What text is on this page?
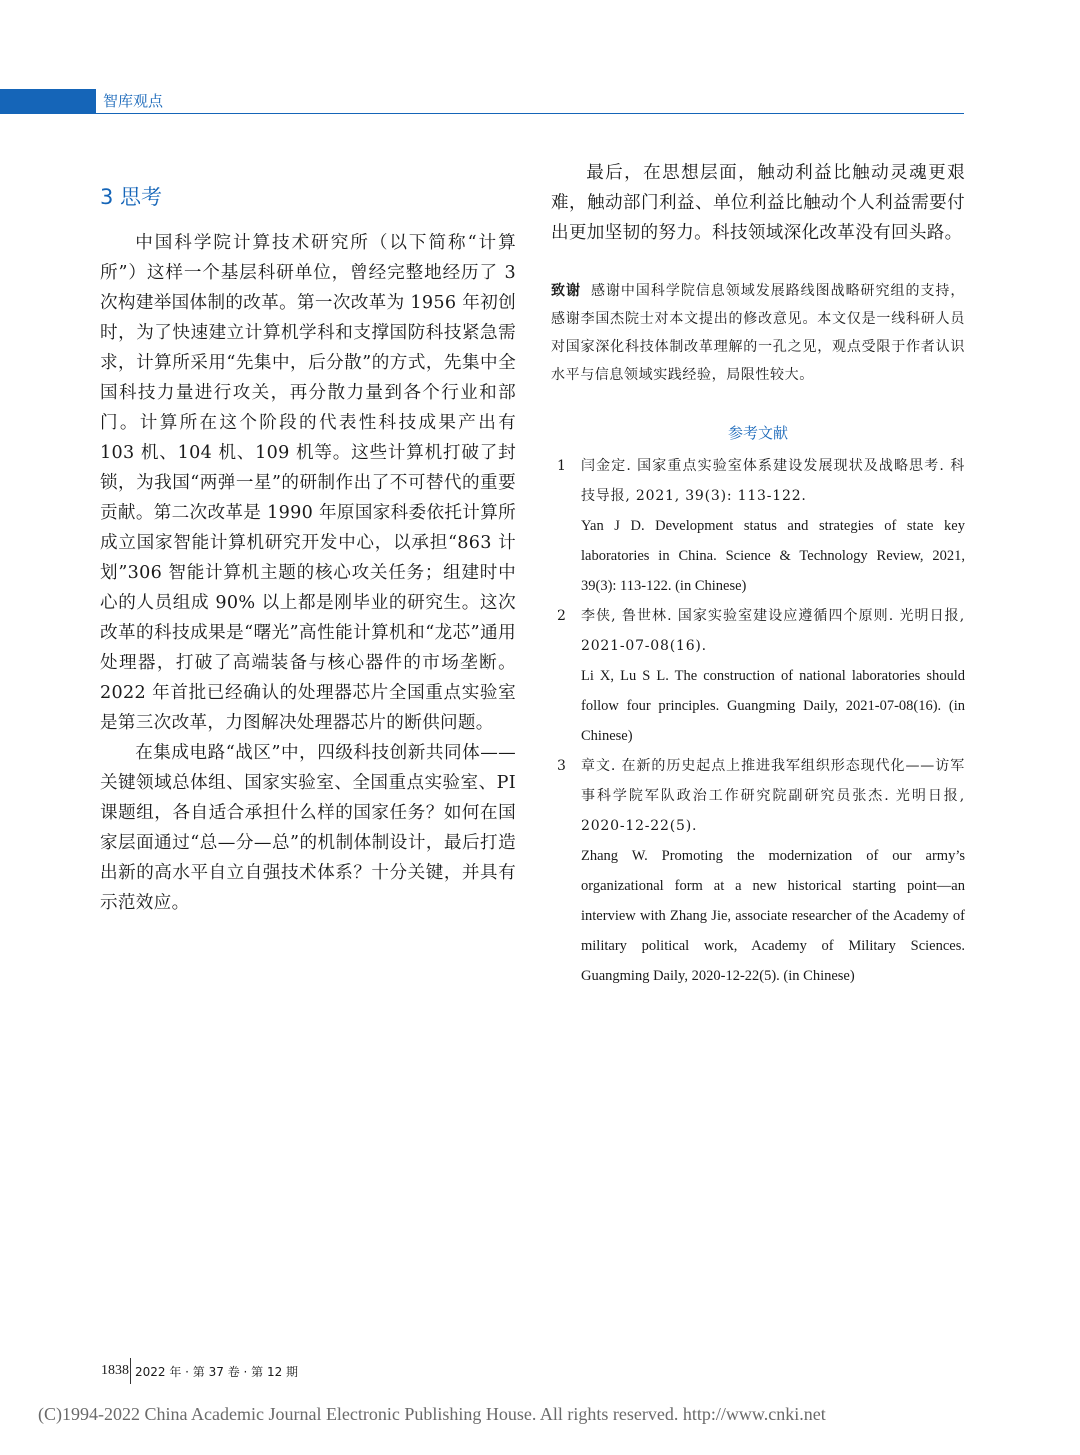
智库观点
3 思考

中国科学院计算技术研究所（以下简称“计算所”）这样一个基层科研单位，曾经完整地经历了 3 次构建举国体制的改革。第一次改革为 1956 年初创时，为了快速建立计算机学科和支撑国防科技紧急需求，计算所采用“先集中，后分散”的方式，先集中全国科技力量进行攻关，再分散力量到各个行业和部门。计算所在这个阶段的代表性科技成果产出有 103 机、104 机、109 机等。这些计算机打破了封锁，为我国“两弹一星”的研制作出了不可替代的重要贡献。第二次改革是 1990 年原国家科委依托计算所成立国家智能计算机研究开发中心，以承担“863 计划”306 智能计算机主题的核心攻关任务；组建时中心的人员组成 90% 以上都是刚毕业的研究生。这次改革的科技成果是“曙光”高性能计算机和“龙芯”通用处理器，打破了高端装备与核心器件的市场垄断。2022 年首批已经确认的处理器芯片全国重点实验室是第三次改革，力图解决处理器芯片的断供问题。

在集成电路“战区”中，四级科技创新共同体——关键领域总体组、国家实验室、全国重点实验室、PI 课题组，各自适合承担什么样的国家任务？如何在国家层面通过“总—分—总”的机制体制设计，最后打造出新的高水平自立自强技术体系？十分关键，并具有示范效应。

最后，在思想层面，触动利益比触动灵魂更艰难，触动部门利益、单位利益比触动个人利益需要付出更加坚韧的努力。科技领域深化改革没有回头路。

致谢 感谢中国科学院信息领域发展路线图战略研究组的支持，感谢李国杰院士对本文提出的修改意见。本文仅是一线科研人员对国家深化科技体制改革理解的一孔之见，观点受限于作者认识水平与信息领域实践经验，局限性较大。
参考文献
1	闫金定. 国家重点实验室体系建设发展现状及战略思考. 科技导报, 2021, 39(3): 113-122.
Yan J D. Development status and strategies of state key laboratories in China. Science & Technology Review, 2021, 39(3): 113-122. (in Chinese)
2	李侠, 鲁世林. 国家实验室建设应遵循四个原则. 光明日报, 2021-07-08(16).
Li X, Lu S L. The construction of national laboratories should follow four principles. Guangming Daily, 2021-07-08(16). (in Chinese)
3	章文. 在新的历史起点上推进我军组织形态现代化——访军事科学院军队政治工作研究院副研究员张杰. 光明日报, 2020-12-22(5).
Zhang W. Promoting the modernization of our army’s organizational form at a new historical starting point—an interview with Zhang Jie, associate researcher of the Academy of military political work, Academy of Military Sciences. Guangming Daily, 2020-12-22(5). (in Chinese)
1838 2022 年 · 第 37 卷 · 第 12 期
(C)1994-2022 China Academic Journal Electronic Publishing House. All rights reserved. http://www.cnki.net
